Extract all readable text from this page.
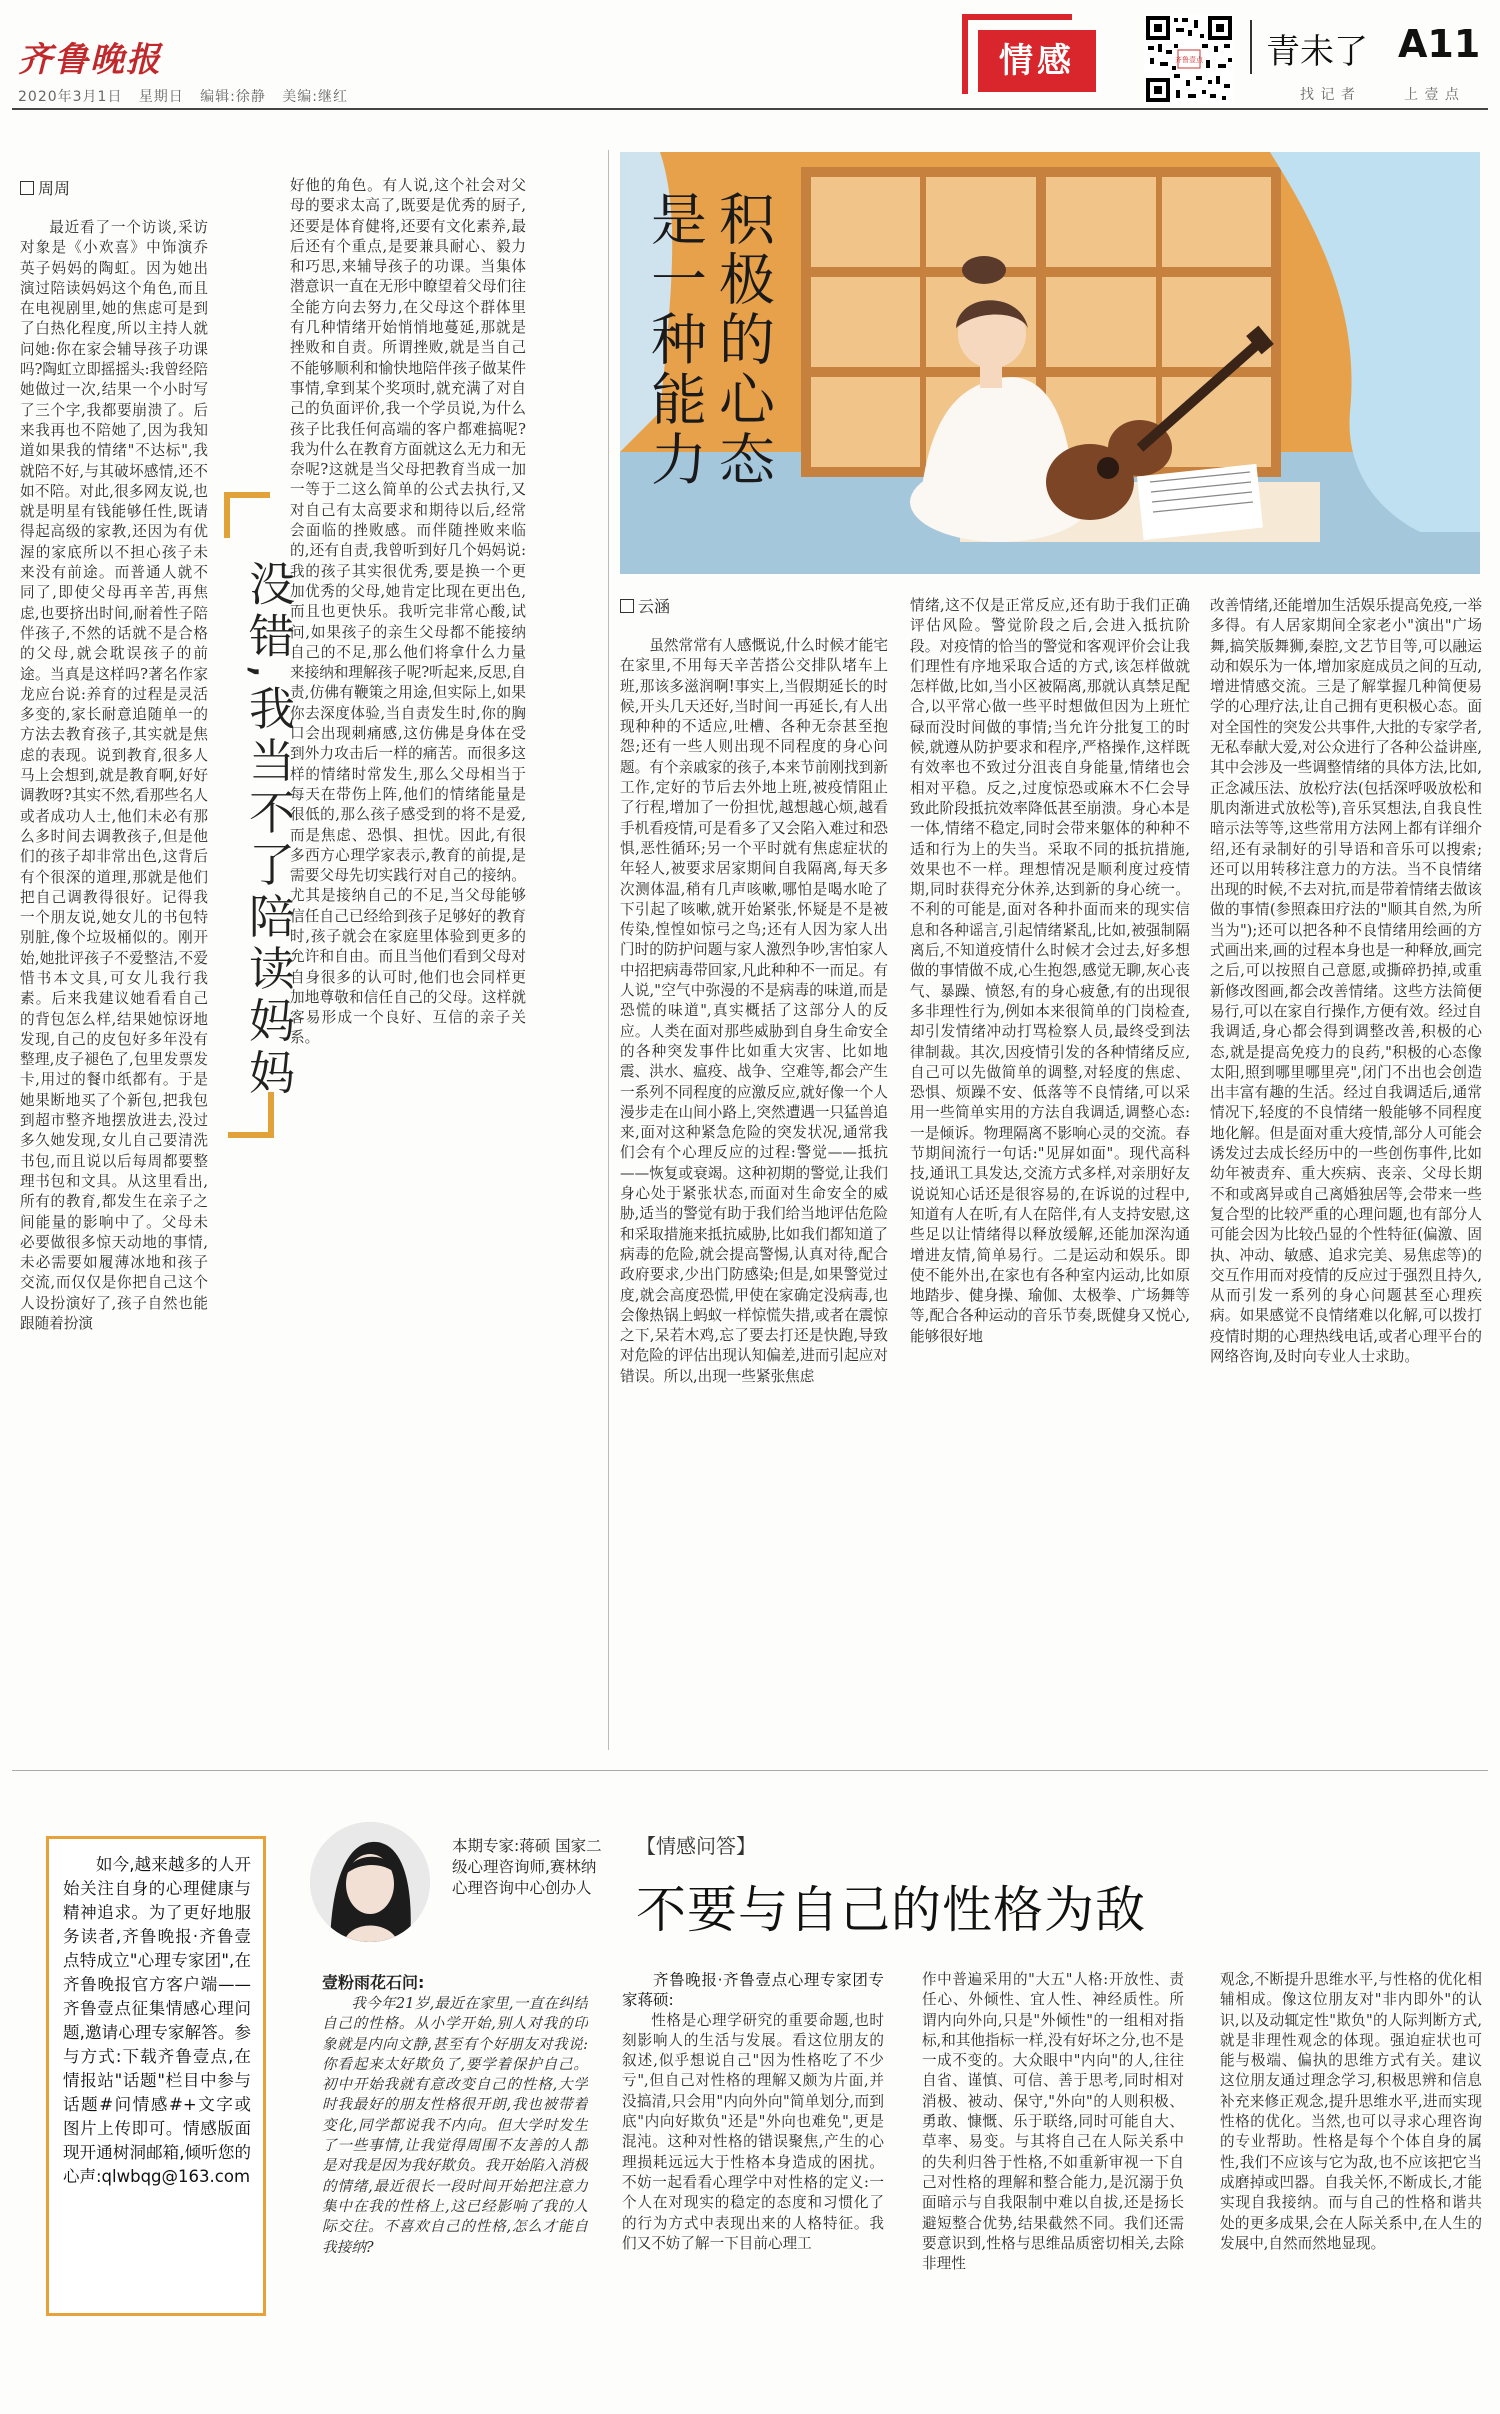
齐鲁晚报
2020年3月1日 星期日 编辑:徐静 美编:继红
情感	齐鲁壹点 青未了 A11
找 记 者	上 壹 点
周周

最近看了一个访谈,采访对象是《小欢喜》中饰演乔英子妈妈的陶虹。因为她出演过陪读妈妈这个角色,而且在电视剧里,她的焦虑可是到了白热化程度,所以主持人就问她:你在家会辅导孩子功课吗?陶虹立即摇摇头:我曾经陪她做过一次,结果一个小时写了三个字,我都要崩溃了。后来我再也不陪她了,因为我知道如果我的情绪"不达标",我就陪不好,与其破坏感情,还不如不陪。对此,很多网友说,也就是明星有钱能够任性,既请得起高级的家教,还因为有优渥的家底所以不担心孩子未来没有前途。而普通人就不同了,即使父母再辛苦,再焦虑,也要挤出时间,耐着性子陪伴孩子,不然的话就不是合格的父母,就会耽误孩子的前途。当真是这样吗?著名作家龙应台说:养育的过程是灵活多变的,家长耐意追随单一的方法去教育孩子,其实就是焦虑的表现。说到教育,很多人马上会想到,就是教育啊,好好调教呀?其实不然,看那些名人或者成功人士,他们未必有那么多时间去调教孩子,但是他们的孩子却非常出色,这背后有个很深的道理,那就是他们把自己调教得很好。记得我一个朋友说,她女儿的书包特别脏,像个垃圾桶似的。刚开始,她批评孩子不爱整洁,不爱惜书本文具,可女儿我行我素。后来我建议她看看自己的背包怎么样,结果她惊讶地发现,自己的皮包好多年没有整理,皮子褪色了,包里发票发卡,用过的餐巾纸都有。于是她果断地买了个新包,把我包到超市整齐地摆放进去,没过多久她发现,女儿自己要清洗书包,而且说以后每周都要整理书包和文具。从这里看出,所有的教育,都发生在亲子之间能量的影响中了。父母未必要做很多惊天动地的事情,未必需要如履薄冰地和孩子交流,而仅仅是你把自己这个人设扮演好了,孩子自然也能跟随着扮演

没错,我当不了陪读妈妈

好他的角色。有人说,这个社会对父母的要求太高了,既要是优秀的厨子,还要是体育健将,还要有文化素养,最后还有个重点,是要兼具耐心、毅力和巧思,来辅导孩子的功课。当集体潜意识一直在无形中瞭望着父母们往全能方向去努力,在父母这个群体里有几种情绪开始悄悄地蔓延,那就是挫败和自责。所谓挫败,就是当自己不能够顺利和愉快地陪伴孩子做某件事情,拿到某个奖项时,就充满了对自己的负面评价,我一个学员说,为什么孩子比我任何高端的客户都难搞呢?我为什么在教育方面就这么无力和无奈呢?这就是当父母把教育当成一加一等于二这么简单的公式去执行,又对自己有太高要求和期待以后,经常会面临的挫败感。而伴随挫败来临的,还有自责,我曾听到好几个妈妈说:我的孩子其实很优秀,要是换一个更加优秀的父母,她肯定比现在更出色,而且也更快乐。我听完非常心酸,试问,如果孩子的亲生父母都不能接纳自己的不足,那么他们将拿什么力量来接纳和理解孩子呢?听起来,反思,自责,仿佛有鞭策之用途,但实际上,如果你去深度体验,当自责发生时,你的胸口会出现刺痛感,这仿佛是身体在受到外力攻击后一样的痛苦。而很多这样的情绪时常发生,那么父母相当于每天在带伤上阵,他们的情绪能量是很低的,那么孩子感受到的将不是爱,而是焦虑、恐惧、担忧。因此,有很多西方心理学家表示,教育的前提,是需要父母先切实践行对自己的接纳。尤其是接纳自己的不足,当父母能够信任自己已经给到孩子足够好的教育时,孩子就会在家庭里体验到更多的允许和自由。而且当他们看到父母对自身很多的认可时,他们也会同样更加地尊敬和信任自己的父母。这样就客易形成一个良好、互信的亲子关系。

积极的心态是一种能力
云涵

虽然常常有人感慨说,什么时候才能宅在家里,不用每天辛苦搭公交排队堵车上班,那该多滋润啊!事实上,当假期延长的时候,开头几天还好,当时间一再延长,有人出现种种的不适应,吐槽、各种无奈甚至抱怨;还有一些人则出现不同程度的身心问题。有个亲戚家的孩子,本来节前刚找到新工作,定好的节后去外地上班,被疫情阻止了行程,增加了一份担忧,越想越心烦,越看手机看疫情,可是看多了又会陷入难过和恐惧,恶性循环;另一个平时就有焦虑症状的年轻人,被要求居家期间自我隔离,每天多次测体温,稍有几声咳嗽,哪怕是喝水呛了下引起了咳嗽,就开始紧张,怀疑是不是被传染,惶惶如惊弓之鸟;还有人因为家人出门时的防护问题与家人激烈争吵,害怕家人中招把病毒带回家,凡此种种不一而足。有人说,"空气中弥漫的不是病毒的味道,而是恐慌的味道",真实概括了这部分人的反应。人类在面对那些威胁到自身生命安全的各种突发事件比如重大灾害、比如地震、洪水、瘟疫、战争、空难等,都会产生一系列不同程度的应激反应,就好像一个人漫步走在山间小路上,突然遭遇一只猛兽追来,面对这种紧急危险的突发状况,通常我们会有个心理反应的过程:警觉——抵抗——恢复或衰竭。这种初期的警觉,让我们身心处于紧张状态,而面对生命安全的威胁,适当的警觉有助于我们给当地评估危险和采取措施来抵抗威胁,比如我们都知道了病毒的危险,就会提高警惕,认真对待,配合政府要求,少出门防感染;但是,如果警觉过度,就会高度恐慌,甲使在家确定没病毒,也会像热锅上蚂蚁一样惊慌失措,或者在震惊之下,呆若木鸡,忘了要去打还是快跑,导致对危险的评估出现认知偏差,进而引起应对错误。所以,出现一些紧张焦虑

情绪,这不仅是正常反应,还有助于我们正确评估风险。警觉阶段之后,会进入抵抗阶段。对疫情的恰当的警觉和客观评价会让我们理性有序地采取合适的方式,该怎样做就怎样做,比如,当小区被隔离,那就认真禁足配合,以平常心做一些平时想做但因为上班忙碌而没时间做的事情;当允许分批复工的时候,就遵从防护要求和程序,严格操作,这样既有效率也不致过分沮丧自身能量,情绪也会相对平稳。反之,过度惊恐或麻木不仁会导致此阶段抵抗效率降低甚至崩溃。身心本是一体,情绪不稳定,同时会带来躯体的种种不适和行为上的失当。采取不同的抵抗措施,效果也不一样。理想情况是顺利度过疫情期,同时获得充分休养,达到新的身心统一。不利的可能是,面对各种扑面而来的现实信息和各种谣言,引起情绪紧乱,比如,被强制隔离后,不知道疫情什么时候才会过去,好多想做的事情做不成,心生抱怨,感觉无聊,灰心丧气、暴躁、愤怒,有的身心疲惫,有的出现很多非理性行为,例如本来很简单的门岗检查,却引发情绪冲动打骂检察人员,最终受到法律制裁。其次,因疫情引发的各种情绪反应,自己可以先做简单的调整,对轻度的焦虑、恐惧、烦躁不安、低落等不良情绪,可以采用一些简单实用的方法自我调适,调整心态:一是倾诉。物理隔离不影响心灵的交流。春节期间流行一句话:"见屏如面"。现代高科技,通讯工具发达,交流方式多样,对亲朋好友说说知心话还是很容易的,在诉说的过程中,知道有人在听,有人在陪伴,有人支持安慰,这些足以让情绪得以释放缓解,还能加深沟通增进友情,简单易行。二是运动和娱乐。即使不能外出,在家也有各种室内运动,比如原地踏步、健身操、瑜伽、太极拳、广场舞等等,配合各种运动的音乐节奏,既健身又悦心,能够很好地

改善情绪,还能增加生活娱乐提高免疫,一举多得。有人居家期间全家老小"演出"广场舞,搞笑版舞狮,秦腔,文艺节目等,可以融运动和娱乐为一体,增加家庭成员之间的互动,增进情感交流。三是了解掌握几种简便易学的心理疗法,让自己拥有更积极心态。面对全国性的突发公共事件,大批的专家学者,无私奉献大爱,对公众进行了各种公益讲座,其中会涉及一些调整情绪的具体方法,比如,正念减压法、放松疗法(包括深呼吸放松和肌肉渐进式放松等),音乐冥想法,自我良性暗示法等等,这些常用方法网上都有详细介绍,还有录制好的引导语和音乐可以搜索;还可以用转移注意力的方法。当不良情绪出现的时候,不去对抗,而是带着情绪去做该做的事情(参照森田疗法的"顺其自然,为所当为");还可以把各种不良情绪用绘画的方式画出来,画的过程本身也是一种释放,画完之后,可以按照自己意愿,或撕碎扔掉,或重新修改图画,都会改善情绪。这些方法简便易行,可以在家自行操作,方便有效。经过自我调适,身心都会得到调整改善,积极的心态,就是提高免疫力的良药,"积极的心态像太阳,照到哪里哪里亮",闭门不出也会创造出丰富有趣的生活。经过自我调适后,通常情况下,轻度的不良情绪一般能够不同程度地化解。但是面对重大疫情,部分人可能会诱发过去成长经历中的一些创伤事件,比如幼年被责弃、重大疾病、丧亲、父母长期不和或离异或自己离婚独居等,会带来一些复合型的比较严重的心理问题,也有部分人可能会因为比较凸显的个性特征(偏激、固执、冲动、敏感、追求完美、易焦虑等)的交互作用而对疫情的反应过于强烈且持久,从而引发一系列的身心问题甚至心理疾病。如果感觉不良情绪难以化解,可以拨打疫情时期的心理热线电话,或者心理平台的网络咨询,及时向专业人士求助。

如今,越来越多的人开始关注自身的心理健康与精神追求。为了更好地服务读者,齐鲁晚报·齐鲁壹点特成立"心理专家团",在齐鲁晚报官方客户端——齐鲁壹点征集情感心理问题,邀请心理专家解答。参与方式:下载齐鲁壹点,在情报站"话题"栏目中参与话题#问情感#+文字或图片上传即可。情感版面现开通树洞邮箱,倾听您的心声:qlwbqg@163.com
本期专家:蒋硕 国家二级心理咨询师,赛林纳心理咨询中心创办人
【情感问答】
不要与自己的性格为敌
壹粉雨花石问:

我今年21岁,最近在家里,一直在纠结自己的性格。从小学开始,别人对我的印象就是内向文静,甚至有个好朋友对我说:你看起来太好欺负了,要学着保护自己。初中开始我就有意改变自己的性格,大学时我最好的朋友性格很开朗,我也被带着变化,同学都说我不内向。但大学时发生了一些事情,让我觉得周围不友善的人都是对我是因为我好欺负。我开始陷入消极的情绪,最近很长一段时间开始把注意力集中在我的性格上,这已经影响了我的人际交往。不喜欢自己的性格,怎么才能自我接纳?

齐鲁晚报·齐鲁壹点心理专家团专家蒋硕:

性格是心理学研究的重要命题,也时刻影响人的生活与发展。看这位朋友的叙述,似乎想说自己"因为性格吃了不少亏",但自己对性格的理解又颇为片面,并没搞清,只会用"内向外向"简单划分,而到底"内向好欺负"还是"外向也难免",更是混沌。这种对性格的错误聚焦,产生的心理损耗远远大于性格本身造成的困扰。不妨一起看看心理学中对性格的定义:一个人在对现实的稳定的态度和习惯化了的行为方式中表现出来的人格特征。我们又不妨了解一下目前心理工

作中普遍采用的"大五"人格:开放性、责任心、外倾性、宜人性、神经质性。所谓内向外向,只是"外倾性"的一组相对指标,和其他指标一样,没有好坏之分,也不是一成不变的。大众眼中"内向"的人,往往自省、谨慎、可信、善于思考,同时相对消极、被动、保守,"外向"的人则积极、勇敢、慷慨、乐于联络,同时可能自大、草率、易变。与其将自己在人际关系中的失利归咎于性格,不如重新审视一下自己对性格的理解和整合能力,是沉溺于负面暗示与自我限制中难以自拔,还是扬长避短整合优势,结果截然不同。我们还需要意识到,性格与思维品质密切相关,去除非理性

观念,不断提升思维水平,与性格的优化相辅相成。像这位朋友对"非内即外"的认识,以及动辄定性"欺负"的人际判断方式,就是非理性观念的体现。强迫症状也可能与极端、偏执的思维方式有关。建议这位朋友通过理念学习,积极思辨和信息补充来修正观念,提升思维水平,进而实现性格的优化。当然,也可以寻求心理咨询的专业帮助。性格是每个个体自身的属性,我们不应该与它为敌,也不应该把它当成磨掉或凹器。自我关怀,不断成长,才能实现自我接纳。而与自己的性格和谐共处的更多成果,会在人际关系中,在人生的发展中,自然而然地显现。
